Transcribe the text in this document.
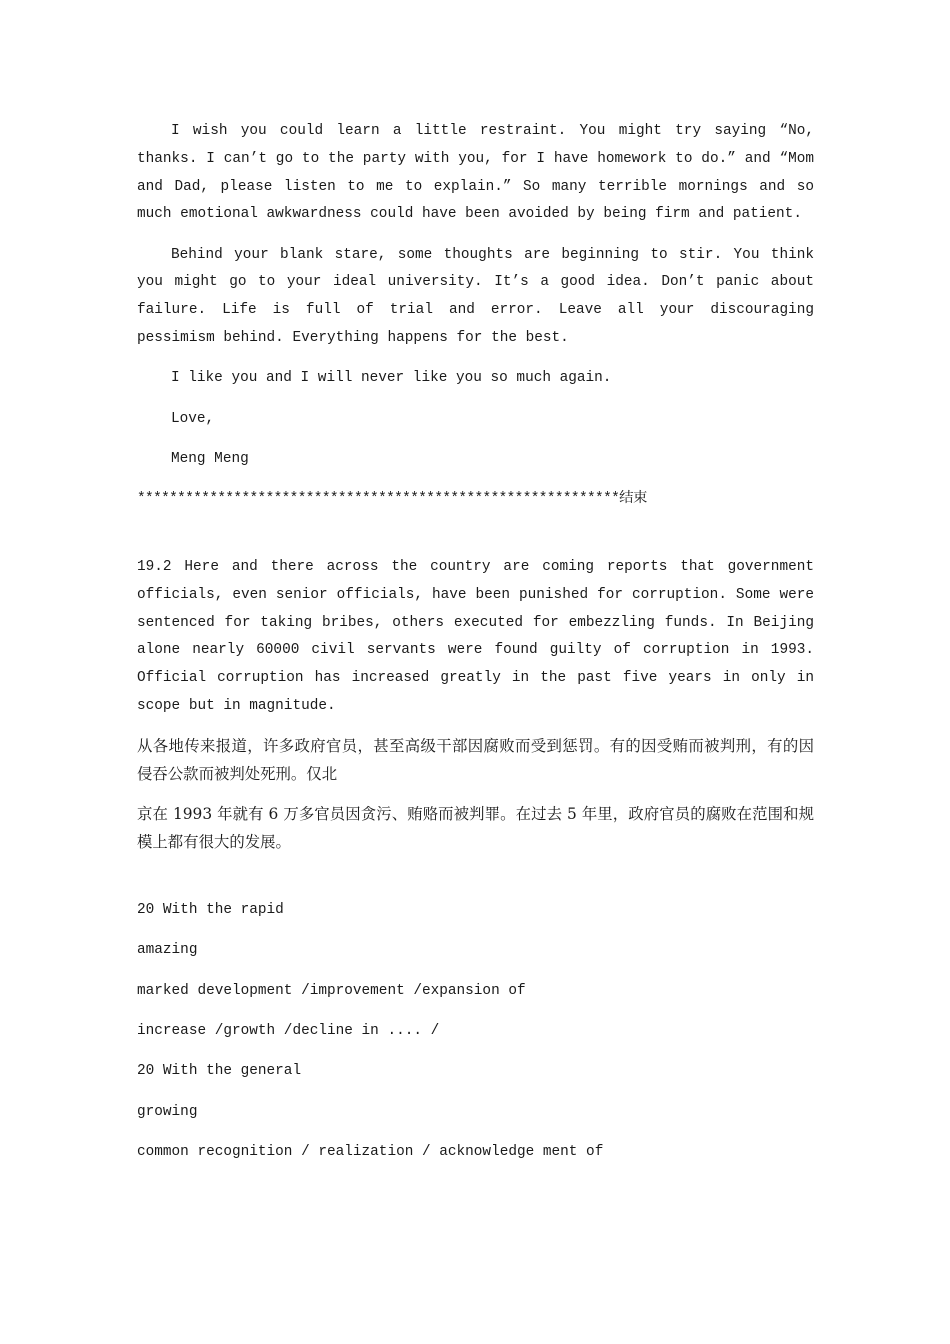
I wish you could learn a little restraint. You might try saying “No, thanks. I can’t go to the party with you, for I have homework to do.” and “Mom and Dad, please listen to me to explain.” So many terrible mornings and so much emotional awkwardness could have been avoided by being firm and patient.

Behind your blank stare, some thoughts are beginning to stir. You think you might go to your ideal university. It’s a good idea. Don’t panic about failure. Life is full of trial and error. Leave all your discouraging pessimism behind. Everything happens for the best.

I like you and I will never like you so much again.

Love,

Meng Meng

************************************************************结束

19.2 Here and there across the country are coming reports that government officials, even senior officials, have been punished for corruption. Some were sentenced for taking bribes, others executed for embezzling funds. In Beijing alone nearly 60000 civil servants were found guilty of corruption in 1993. Official corruption has increased greatly in the past five years in only in scope but in magnitude.

从各地传来报道，许多政府官员，甚至高级干部因腐败而受到惩罚。有的因受贿而被判刑，有的因侵吞公款而被判处死刑。仅北

京在 1993 年就有 6 万多官员因贪污、贿赂而被判罪。在过去 5 年里，政府官员的腐败在范围和规模上都有很大的发展。

20 With the rapid

amazing

marked development /improvement /expansion of

increase /growth /decline in .... /

20 With the general

growing

common recognition / realization / acknowledge ment of
